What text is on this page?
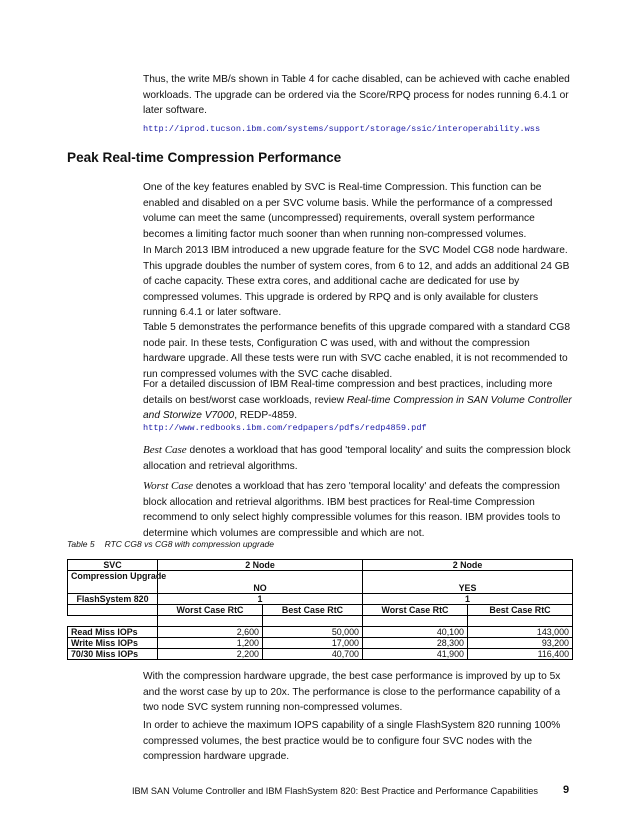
Thus, the write MB/s shown in Table 4 for cache disabled, can be achieved with cache enabled workloads. The upgrade can be ordered via the Score/RPQ process for nodes running 6.4.1 or later software.

http://iprod.tucson.ibm.com/systems/support/storage/ssic/interoperability.wss
Peak Real-time Compression Performance

One of the key features enabled by SVC is Real-time Compression. This function can be enabled and disabled on a per SVC volume basis. While the performance of a compressed volume can meet the same (uncompressed) requirements, overall system performance becomes a limiting factor much sooner than when running non-compressed volumes.

In March 2013 IBM introduced a new upgrade feature for the SVC Model CG8 node hardware. This upgrade doubles the number of system cores, from 6 to 12, and adds an additional 24 GB of cache capacity. These extra cores, and additional cache are dedicated for use by compressed volumes. This upgrade is ordered by RPQ and is only available for clusters running 6.4.1 or later software.

Table 5 demonstrates the performance benefits of this upgrade compared with a standard CG8 node pair. In these tests, Configuration C was used, with and without the compression hardware upgrade. All these tests were run with SVC cache enabled, it is not recommended to run compressed volumes with the SVC cache disabled.

For a detailed discussion of IBM Real-time compression and best practices, including more details on best/worst case workloads, review Real-time Compression in SAN Volume Controller and Storwize V7000, REDP-4859.

http://www.redbooks.ibm.com/redpapers/pdfs/redp4859.pdf

Best Case denotes a workload that has good 'temporal locality' and suits the compression block allocation and retrieval algorithms.

Worst Case denotes a workload that has zero 'temporal locality' and defeats the compression block allocation and retrieval algorithms. IBM best practices for Real-time Compression recommend to only select highly compressible volumes for this reason. IBM provides tools to determine which volumes are compressible and which are not.

Table 5 RTC CG8 vs CG8 with compression upgrade
SVC	2 Node		2 Node	
Compression Upgrade	NO		YES	
FlashSystem 820	1		1	
	Worst Case RtC	Best Case RtC	Worst Case RtC	Best Case RtC

Read Miss IOPs	2,600	50,000	40,100	143,000
Write Miss IOPs	1,200	17,000	28,300	93,200
70/30 Miss IOPs	2,200	40,700	41,900	116,400

With the compression hardware upgrade, the best case performance is improved by up to 5x and the worst case by up to 20x. The performance is close to the performance capability of a two node SVC system running non-compressed volumes.

In order to achieve the maximum IOPS capability of a single FlashSystem 820 running 100% compressed volumes, the best practice would be to configure four SVC nodes with the compression hardware upgrade.

IBM SAN Volume Controller and IBM FlashSystem 820: Best Practice and Performance Capabilities 9
